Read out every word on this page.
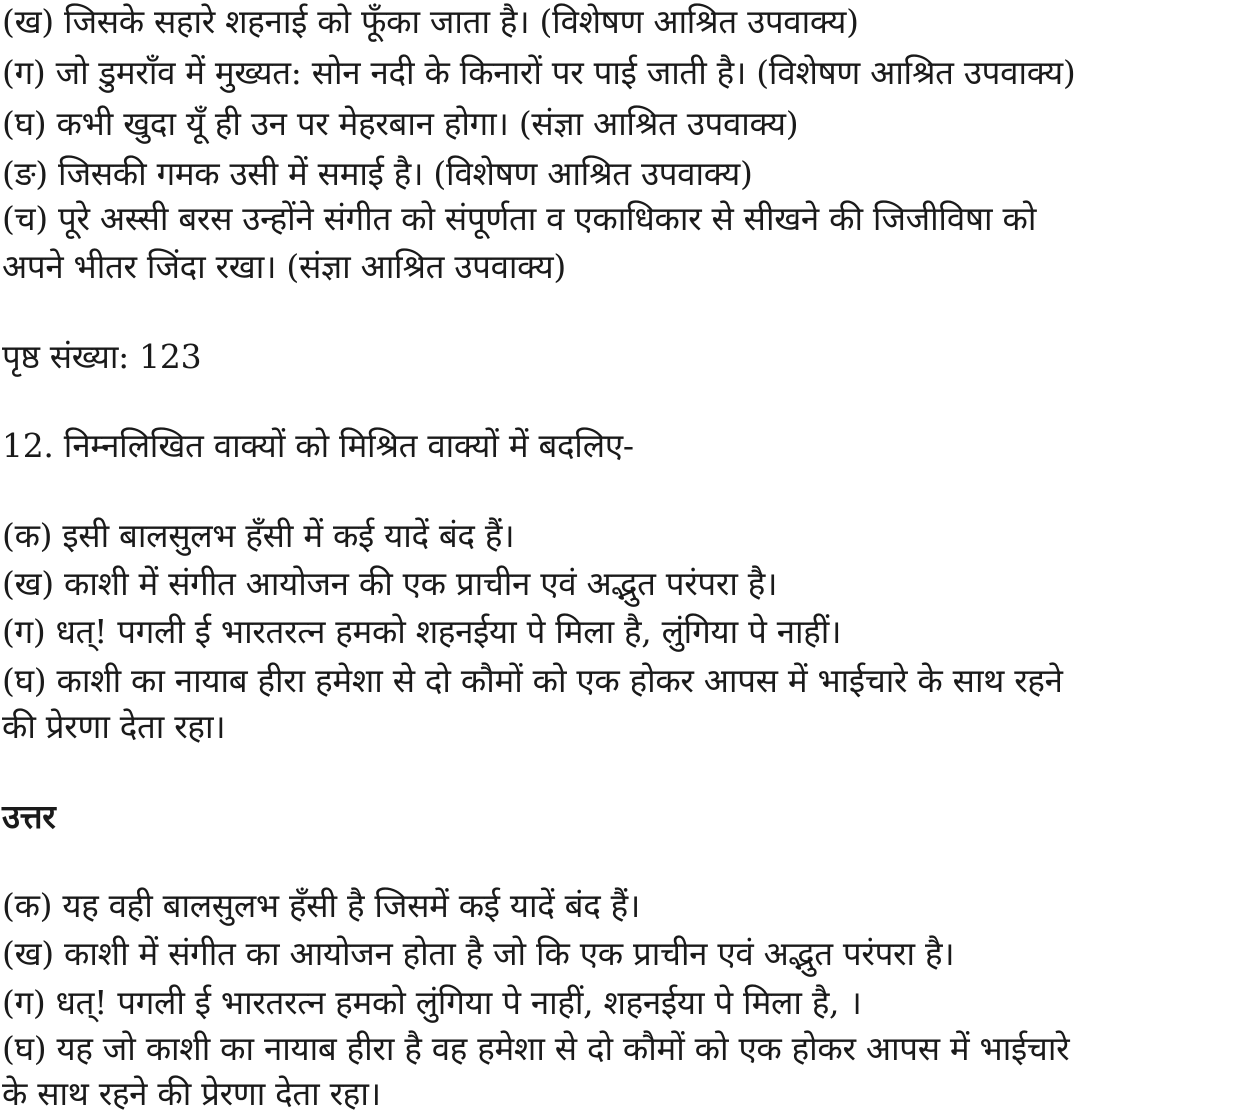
(ख) जिसके सहारे शहनाई को फूँका जाता है। (विशेषण आश्रित उपवाक्य)
(ग) जो डुमराँव में मुख्यत: सोन नदी के किनारों पर पाई जाती है। (विशेषण आश्रित उपवाक्य)
(घ) कभी खुदा यूँ ही उन पर मेहरबान होगा। (संज्ञा आश्रित उपवाक्य)
(ङ) जिसकी गमक उसी में समाई है। (विशेषण आश्रित उपवाक्य)
(च) पूरे अस्सी बरस उन्होंने संगीत को संपूर्णता व एकाधिकार से सीखने की जिजीविषा को
अपने भीतर जिंदा रखा। (संज्ञा आश्रित उपवाक्य)
पृष्ठ संख्या: 123
12. निम्नलिखित वाक्यों को मिश्रित वाक्यों में बदलिए-
(क) इसी बालसुलभ हँसी में कई यादें बंद हैं।
(ख) काशी में संगीत आयोजन की एक प्राचीन एवं अद्भुत परंपरा है।
(ग) धत्! पगली ई भारतरत्न हमको शहनईया पे मिला है, लुंगिया पे नाहीं।
(घ) काशी का नायाब हीरा हमेशा से दो कौमों को एक होकर आपस में भाईचारे के साथ रहने
की प्रेरणा देता रहा।
उत्तर
(क) यह वही बालसुलभ हँसी है जिसमें कई यादें बंद हैं।
(ख) काशी में संगीत का आयोजन होता है जो कि एक प्राचीन एवं अद्भुत परंपरा है।
(ग) धत्! पगली ई भारतरत्न हमको लुंगिया पे नाहीं, शहनईया पे मिला है, ।
(घ) यह जो काशी का नायाब हीरा है वह हमेशा से दो कौमों को एक होकर आपस में भाईचारे
के साथ रहने की प्रेरणा देता रहा।
